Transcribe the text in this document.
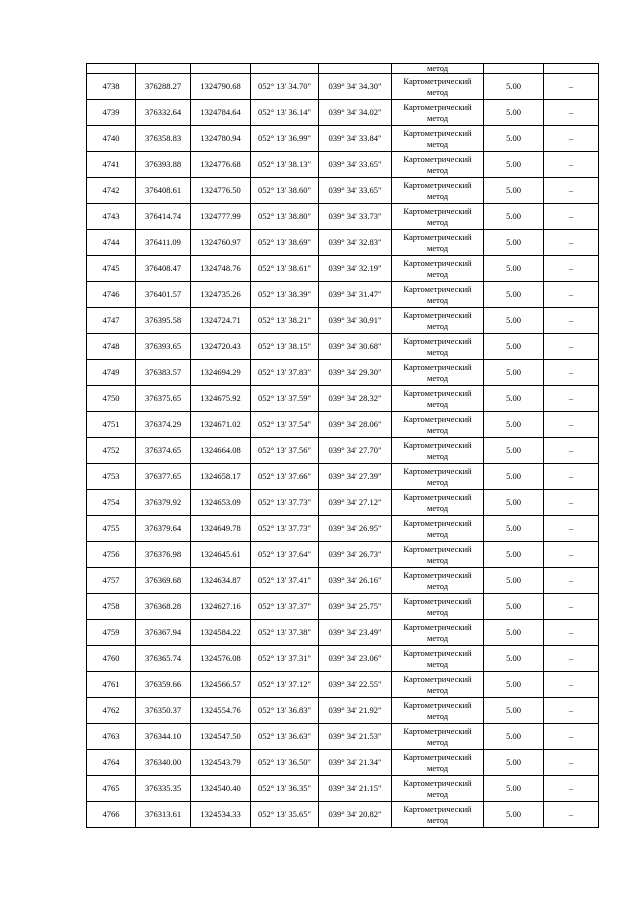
					метод		
4738	376288.27	1324790.68	052° 13' 34.70"	039° 34' 34.30"	Картометрический метод	5.00	–
4739	376332.64	1324784.64	052° 13' 36.14"	039° 34' 34.02"	Картометрический метод	5.00	–
4740	376358.83	1324780.94	052° 13' 36.99"	039° 34' 33.84"	Картометрический метод	5.00	–
4741	376393.88	1324776.68	052° 13' 38.13"	039° 34' 33.65"	Картометрический метод	5.00	–
4742	376408.61	1324776.50	052° 13' 38.60"	039° 34' 33.65"	Картометрический метод	5.00	–
4743	376414.74	1324777.99	052° 13' 38.80"	039° 34' 33.73"	Картометрический метод	5.00	–
4744	376411.09	1324760.97	052° 13' 38.69"	039° 34' 32.83"	Картометрический метод	5.00	–
4745	376408.47	1324748.76	052° 13' 38.61"	039° 34' 32.19"	Картометрический метод	5.00	–
4746	376401.57	1324735.26	052° 13' 38.39"	039° 34' 31.47"	Картометрический метод	5.00	–
4747	376395.58	1324724.71	052° 13' 38.21"	039° 34' 30.91"	Картометрический метод	5.00	–
4748	376393.65	1324720.43	052° 13' 38.15"	039° 34' 30.68"	Картометрический метод	5.00	–
4749	376383.57	1324694.29	052° 13' 37.83"	039° 34' 29.30"	Картометрический метод	5.00	–
4750	376375.65	1324675.92	052° 13' 37.59"	039° 34' 28.32"	Картометрический метод	5.00	–
4751	376374.29	1324671.02	052° 13' 37.54"	039° 34' 28.06"	Картометрический метод	5.00	–
4752	376374.65	1324664.08	052° 13' 37.56"	039° 34' 27.70"	Картометрический метод	5.00	–
4753	376377.65	1324658.17	052° 13' 37.66"	039° 34' 27.39"	Картометрический метод	5.00	–
4754	376379.92	1324653.09	052° 13' 37.73"	039° 34' 27.12"	Картометрический метод	5.00	–
4755	376379.64	1324649.78	052° 13' 37.73"	039° 34' 26.95"	Картометрический метод	5.00	–
4756	376376.98	1324645.61	052° 13' 37.64"	039° 34' 26.73"	Картометрический метод	5.00	–
4757	376369.68	1324634.87	052° 13' 37.41"	039° 34' 26.16"	Картометрический метод	5.00	–
4758	376368.28	1324627.16	052° 13' 37.37"	039° 34' 25.75"	Картометрический метод	5.00	–
4759	376367.94	1324584.22	052° 13' 37.38"	039° 34' 23.49"	Картометрический метод	5.00	–
4760	376365.74	1324576.08	052° 13' 37.31"	039° 34' 23.06"	Картометрический метод	5.00	–
4761	376359.66	1324566.57	052° 13' 37.12"	039° 34' 22.55"	Картометрический метод	5.00	–
4762	376350.37	1324554.76	052° 13' 36.83"	039° 34' 21.92"	Картометрический метод	5.00	–
4763	376344.10	1324547.50	052° 13' 36.63"	039° 34' 21.53"	Картометрический метод	5.00	–
4764	376340.00	1324543.79	052° 13' 36.50"	039° 34' 21.34"	Картометрический метод	5.00	–
4765	376335.35	1324540.40	052° 13' 36.35"	039° 34' 21.15"	Картометрический метод	5.00	–
4766	376313.61	1324534.33	052° 13' 35.65"	039° 34' 20.82"	Картометрический метод	5.00	–
